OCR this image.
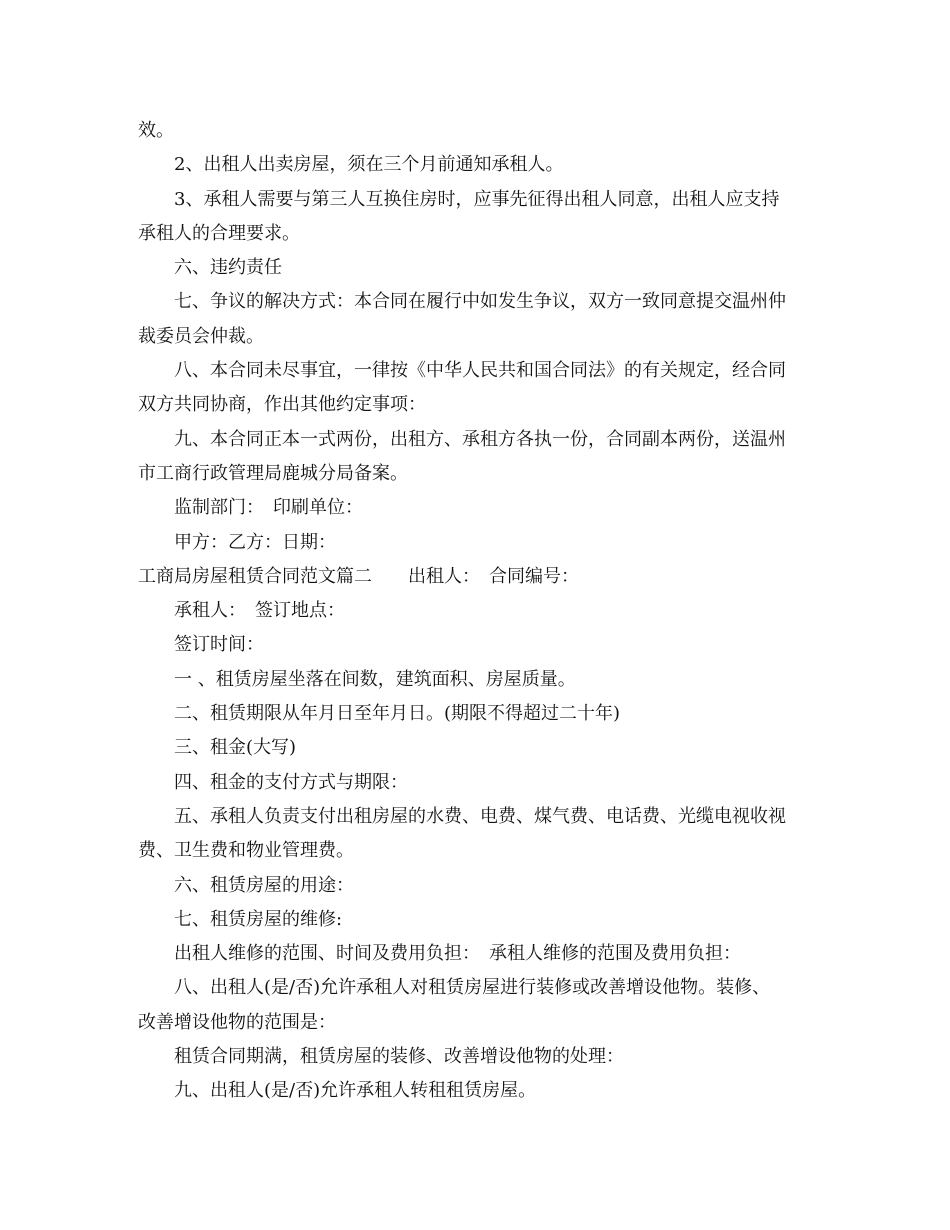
效。
2、出租人出卖房屋，须在三个月前通知承租人。
3、承租人需要与第三人互换住房时，应事先征得出租人同意，出租人应支持
承租人的合理要求。
六、违约责任
七、争议的解决方式：本合同在履行中如发生争议，双方一致同意提交温州仲
裁委员会仲裁。
八、本合同未尽事宜，一律按《中华人民共和国合同法》的有关规定，经合同
双方共同协商，作出其他约定事项：
九、本合同正本一式两份，出租方、承租方各执一份，合同副本两份，送温州
市工商行政管理局鹿城分局备案。
监制部门：　印刷单位：
甲方：乙方：日期：
工商局房屋租赁合同范文篇二　　出租人：　合同编号：
承租人：　签订地点：
签订时间：
一 、租赁房屋坐落在间数，建筑面积、房屋质量。
二、租赁期限从年月日至年月日。(期限不得超过二十年)
三、租金(大写)
四、租金的支付方式与期限：
五、承租人负责支付出租房屋的水费、电费、煤气费、电话费、光缆电视收视
费、卫生费和物业管理费。
六、租赁房屋的用途：
七、租赁房屋的维修:
出租人维修的范围、时间及费用负担：　承租人维修的范围及费用负担：
八、出租人(是/否)允许承租人对租赁房屋进行装修或改善增设他物。装修、
改善增设他物的范围是：
租赁合同期满，租赁房屋的装修、改善增设他物的处理：
九、出租人(是/否)允许承租人转租租赁房屋。
